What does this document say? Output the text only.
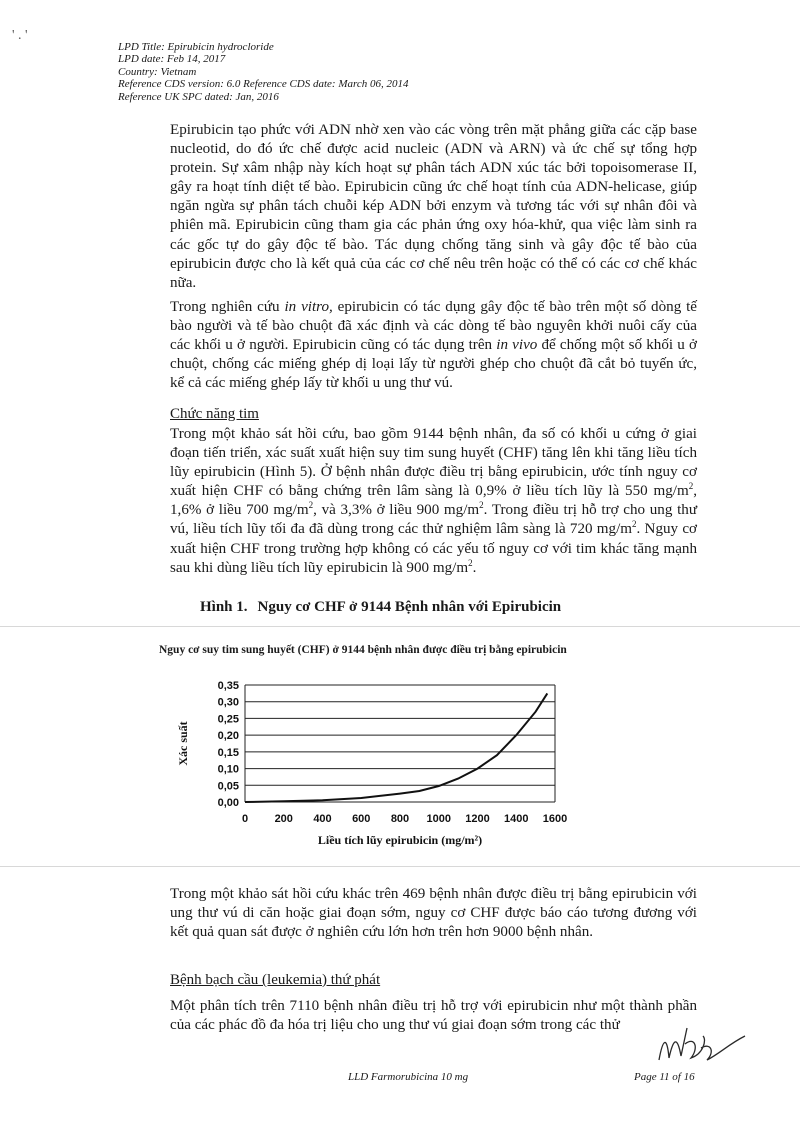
' . '
LPD Title: Epirubicin hydrocloride
LPD date: Feb 14, 2017
Country: Vietnam
Reference CDS version: 6.0 Reference CDS date: March 06, 2014
Reference UK SPC dated: Jan, 2016
Epirubicin tạo phức với ADN nhờ xen vào các vòng trên mặt phẳng giữa các cặp base nucleotid, do đó ức chế được acid nucleic (ADN và ARN) và ức chế sự tổng hợp protein. Sự xâm nhập này kích hoạt sự phân tách ADN xúc tác bởi topoisomerase II, gây ra hoạt tính diệt tế bào. Epirubicin cũng ức chế hoạt tính của ADN-helicase, giúp ngăn ngừa sự phân tách chuỗi kép ADN bởi enzym và tương tác với sự nhân đôi và phiên mã. Epirubicin cũng tham gia các phản ứng oxy hóa-khử, qua việc làm sinh ra các gốc tự do gây độc tế bào. Tác dụng chống tăng sinh và gây độc tế bào của epirubicin được cho là kết quả của các cơ chế nêu trên hoặc có thể có các cơ chế khác nữa.
Trong nghiên cứu in vitro, epirubicin có tác dụng gây độc tế bào trên một số dòng tế bào người và tế bào chuột đã xác định và các dòng tế bào nguyên khởi nuôi cấy của các khối u ở người. Epirubicin cũng có tác dụng trên in vivo để chống một số khối u ở chuột, chống các miếng ghép dị loại lấy từ người ghép cho chuột đã cắt bỏ tuyến ức, kể cả các miếng ghép lấy từ khối u ung thư vú.
Chức năng tim
Trong một khảo sát hồi cứu, bao gồm 9144 bệnh nhân, đa số có khối u cứng ở giai đoạn tiến triển, xác suất xuất hiện suy tim sung huyết (CHF) tăng lên khi tăng liều tích lũy epirubicin (Hình 5). Ở bệnh nhân được điều trị bằng epirubicin, ước tính nguy cơ xuất hiện CHF có bằng chứng trên lâm sàng là 0,9% ở liều tích lũy là 550 $mg/m^2$, 1,6% ở liều 700 $mg/m^2$, và 3,3% ở liều 900 $mg/m^2$. Trong điều trị hỗ trợ cho ung thư vú, liều tích lũy tối đa đã dùng trong các thử nghiệm lâm sàng là 720 $mg/m^2$. Nguy cơ xuất hiện CHF trong trường hợp không có các yếu tố nguy cơ với tim khác tăng mạnh sau khi dùng liều tích lũy epirubicin là 900 $mg/m^2$.
Hình 1. Nguy cơ CHF ở 9144 Bệnh nhân với Epirubicin
Nguy cơ suy tim sung huyết (CHF) ở 9144 bệnh nhân được điều trị bằng epirubicin
0,00
0,05
0,10
0,15
0,20
0,25
0,30
0,35
0 200 400 600 800 1000 1200 1400 1600
Liều tích lũy epirubicin (mg/m²)
Xác suất
Trong một khảo sát hồi cứu khác trên 469 bệnh nhân được điều trị bằng epirubicin với ung thư vú di căn hoặc giai đoạn sớm, nguy cơ CHF được báo cáo tương đương với kết quả quan sát được ở nghiên cứu lớn hơn trên hơn 9000 bệnh nhân.
Bệnh bạch cầu (leukemia) thứ phát
Một phân tích trên 7110 bệnh nhân điều trị hỗ trợ với epirubicin như một thành phần của các phác đồ đa hóa trị liệu cho ung thư vú giai đoạn sớm trong các thử
LLD Farmorubicina 10 mg	Page 11 of 16
